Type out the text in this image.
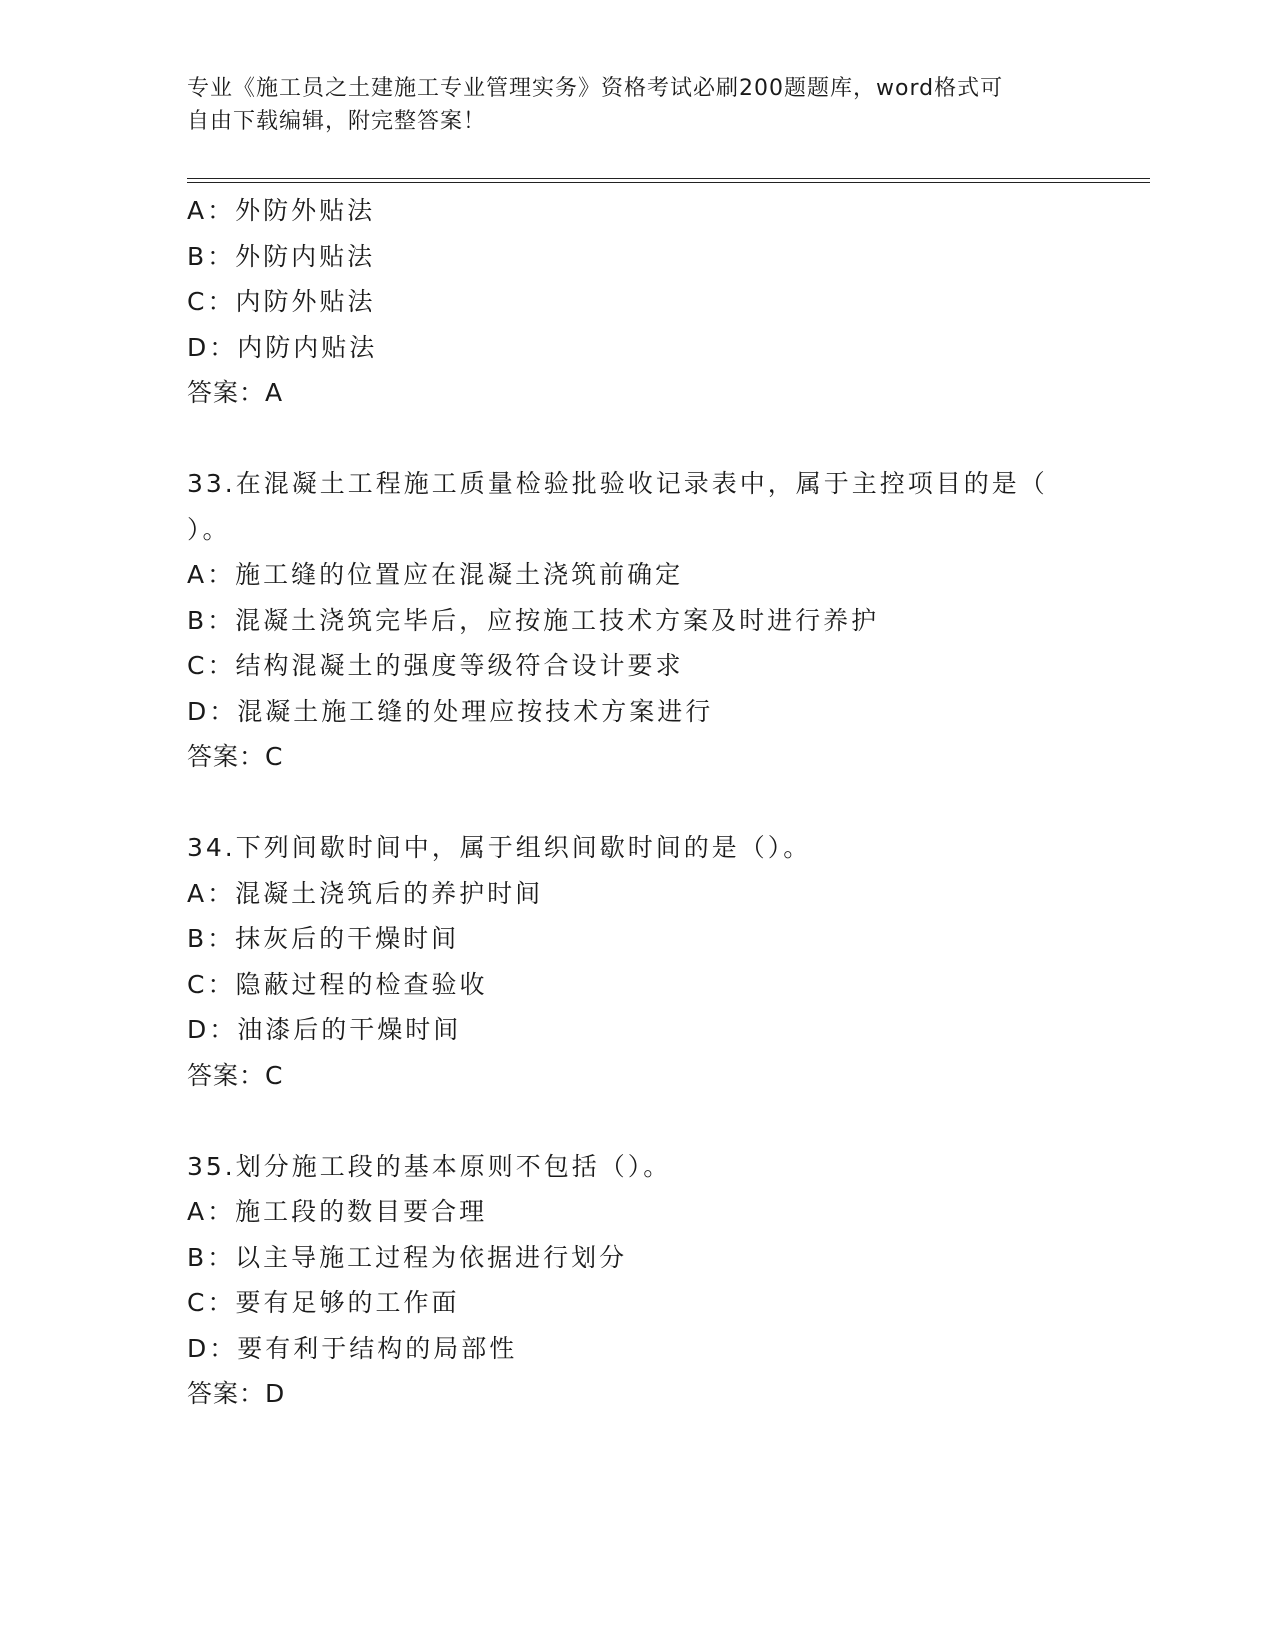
专业《施工员之土建施工专业管理实务》资格考试必刷200题题库，word格式可
自由下载编辑，附完整答案！
A：外防外贴法
B：外防内贴法
C：内防外贴法
D：内防内贴法
答案：A
33.在混凝土工程施工质量检验批验收记录表中，属于主控项目的是（
）。
A：施工缝的位置应在混凝土浇筑前确定
B：混凝土浇筑完毕后，应按施工技术方案及时进行养护
C：结构混凝土的强度等级符合设计要求
D：混凝土施工缝的处理应按技术方案进行
答案：C
34.下列间歇时间中，属于组织间歇时间的是（）。
A：混凝土浇筑后的养护时间
B：抹灰后的干燥时间
C：隐蔽过程的检查验收
D：油漆后的干燥时间
答案：C
35.划分施工段的基本原则不包括（）。
A：施工段的数目要合理
B：以主导施工过程为依据进行划分
C：要有足够的工作面
D：要有利于结构的局部性
答案：D
